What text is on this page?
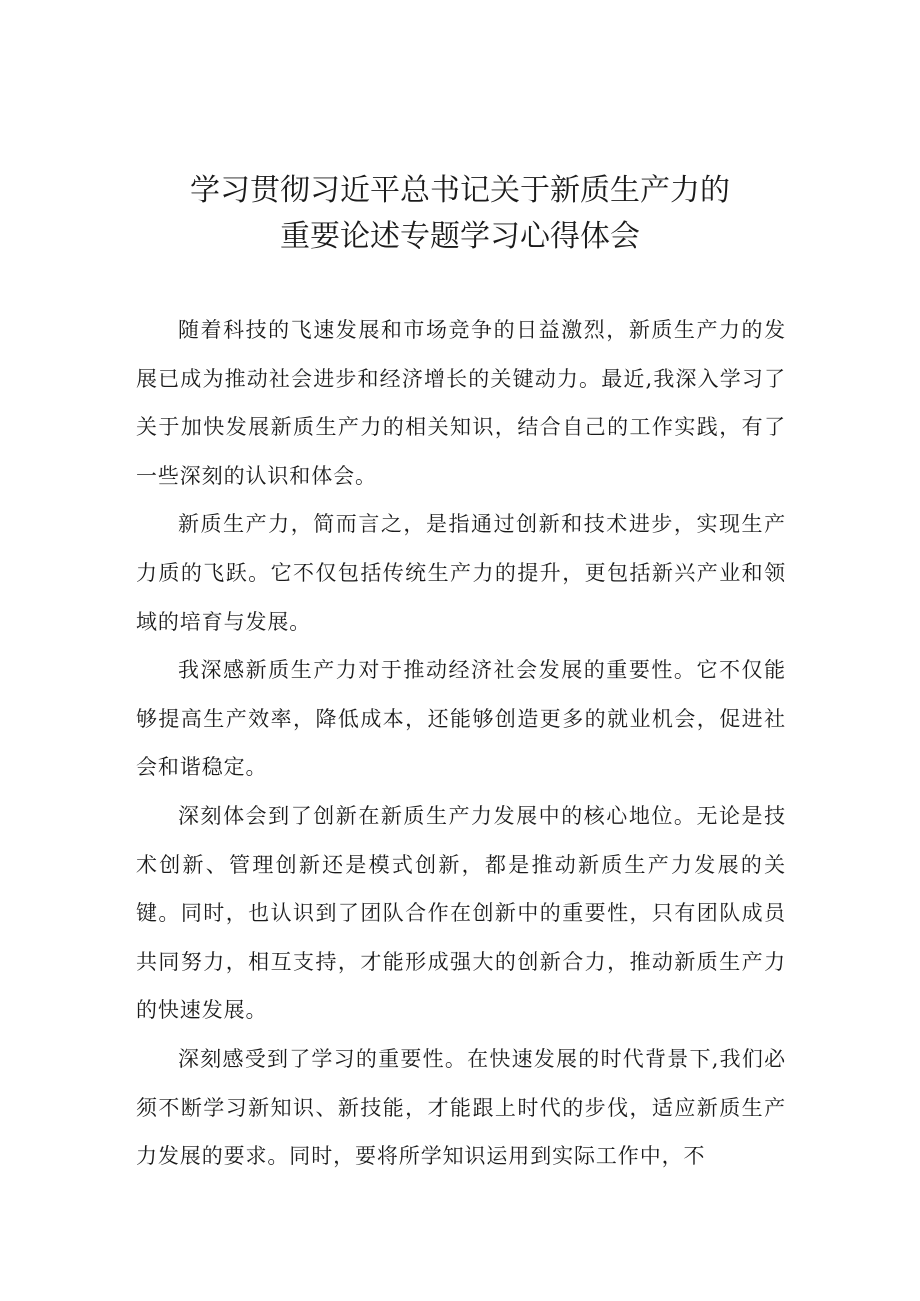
学习贯彻习近平总书记关于新质生产力的
重要论述专题学习心得体会

随着科技的飞速发展和市场竞争的日益激烈，新质生产力的发展已成为推动社会进步和经济增长的关键动力。最近,我深入学习了关于加快发展新质生产力的相关知识，结合自己的工作实践，有了一些深刻的认识和体会。

新质生产力，简而言之，是指通过创新和技术进步，实现生产力质的飞跃。它不仅包括传统生产力的提升，更包括新兴产业和领域的培育与发展。

我深感新质生产力对于推动经济社会发展的重要性。它不仅能够提高生产效率，降低成本，还能够创造更多的就业机会，促进社会和谐稳定。

深刻体会到了创新在新质生产力发展中的核心地位。无论是技术创新、管理创新还是模式创新，都是推动新质生产力发展的关键。同时，也认识到了团队合作在创新中的重要性，只有团队成员共同努力，相互支持，才能形成强大的创新合力，推动新质生产力的快速发展。

深刻感受到了学习的重要性。在快速发展的时代背景下,我们必须不断学习新知识、新技能，才能跟上时代的步伐，适应新质生产力发展的要求。同时，要将所学知识运用到实际工作中，不
